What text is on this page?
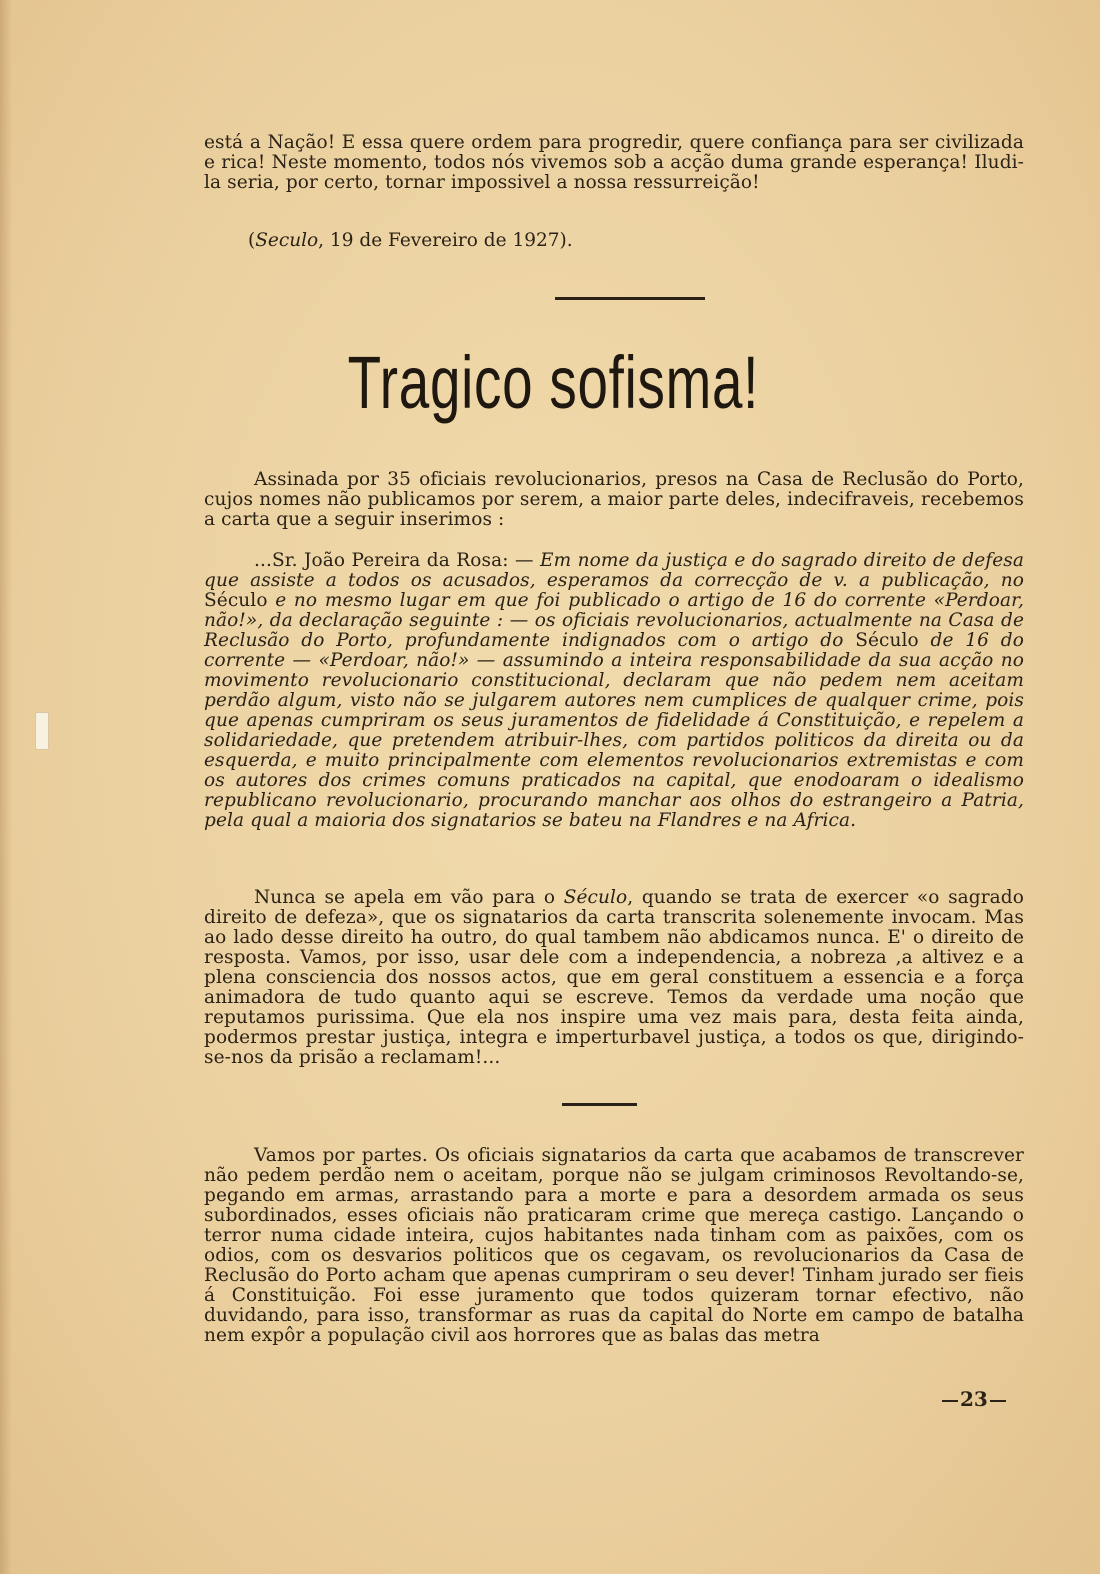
está a Nação! E essa quere ordem para progredir, quere confiança para ser civilizada e rica! Neste momento, todos nós vivemos sob a acção duma grande esperança! Iludi-la seria, por certo, tornar impossivel a nossa ressurreição!

(Seculo, 19 de Fevereiro de 1927).
Tragico sofisma!

Assinada por 35 oficiais revolucionarios, presos na Casa de Reclusão do Porto, cujos nomes não publicamos por serem, a maior parte deles, indecifraveis, recebemos a carta que a seguir inserimos :

...Sr. João Pereira da Rosa: — Em nome da justiça e do sagrado direito de defesa que assiste a todos os acusados, esperamos da correcção de v. a publicação, no Século e no mesmo lugar em que foi publicado o artigo de 16 do corrente «Perdoar, não!», da declaração seguinte : — os oficiais revolucionarios, actualmente na Casa de Reclusão do Porto, profundamente indignados com o artigo do Século de 16 do corrente — «Perdoar, não!» — assumindo a inteira responsabilidade da sua acção no movimento revolucionario constitucional, declaram que não pedem nem aceitam perdão algum, visto não se julgarem autores nem cumplices de qualquer crime, pois que apenas cumpriram os seus juramentos de fidelidade á Constituição, e repelem a solidariedade, que pretendem atribuir-lhes, com partidos politicos da direita ou da esquerda, e muito principalmente com elementos revolucionarios extremistas e com os autores dos crimes comuns praticados na capital, que enodoaram o idealismo republicano revolucionario, procurando manchar aos olhos do estrangeiro a Patria, pela qual a maioria dos signatarios se bateu na Flandres e na Africa.

Nunca se apela em vão para o Século, quando se trata de exercer «o sagrado direito de defeza», que os signatarios da carta transcrita solenemente invocam. Mas ao lado desse direito ha outro, do qual tambem não abdicamos nunca. E' o direito de resposta. Vamos, por isso, usar dele com a independencia, a nobreza ,a altivez e a plena consciencia dos nossos actos, que em geral constituem a essencia e a força animadora de tudo quanto aqui se escreve. Temos da verdade uma noção que reputamos purissima. Que ela nos inspire uma vez mais para, desta feita ainda, podermos prestar justiça, integra e imperturbavel justiça, a todos os que, dirigindo-se-nos da prisão a reclamam!...

Vamos por partes. Os oficiais signatarios da carta que acabamos de transcrever não pedem perdão nem o aceitam, porque não se julgam criminosos Revoltando-se, pegando em armas, arrastando para a morte e para a desordem armada os seus subordinados, esses oficiais não praticaram crime que mereça castigo. Lançando o terror numa cidade inteira, cujos habitantes nada tinham com as paixões, com os odios, com os desvarios politicos que os cegavam, os revolucionarios da Casa de Reclusão do Porto acham que apenas cumpriram o seu dever! Tinham jurado ser fieis á Constituição. Foi esse juramento que todos quizeram tornar efectivo, não duvidando, para isso, transformar as ruas da capital do Norte em campo de batalha nem expôr a população civil aos horrores que as balas das metra

23
